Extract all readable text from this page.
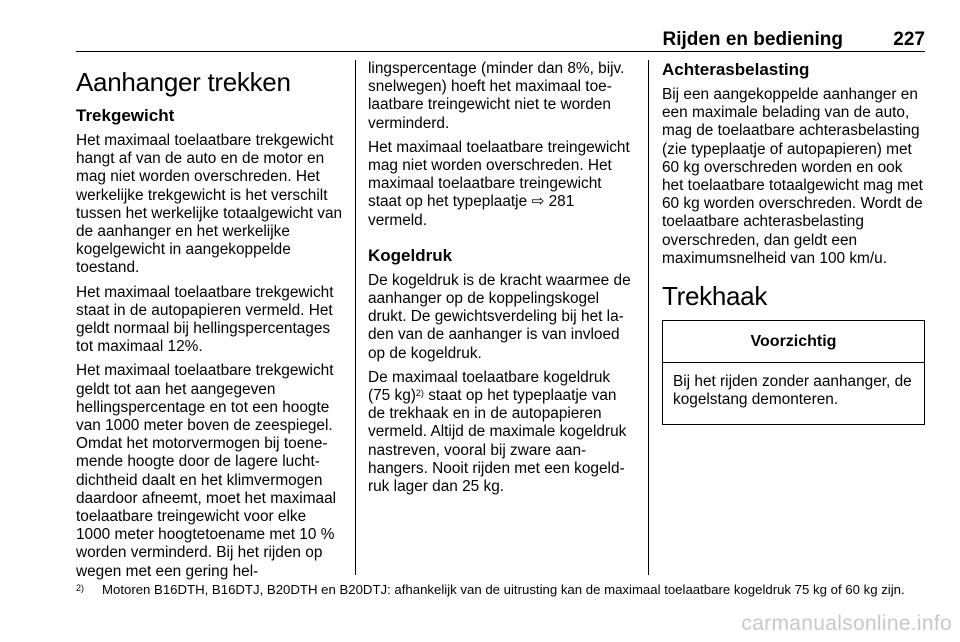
Rijden en bediening	227
Aanhanger trekken
Trekgewicht

Het maximaal toelaatbare trekgewicht hangt af van de auto en de motor en mag niet worden overschreden. Het werkelijke trekgewicht is het verschilt tussen het werkelijke totaalgewicht van de aanhanger en het werkelijke kogelgewicht in aangekoppelde toestand.

Het maximaal toelaatbare trekgewicht staat in de autopapieren vermeld. Het geldt normaal bij hellingspercentages tot maximaal 12%.

Het maximaal toelaatbare trekgewicht geldt tot aan het aangegeven hellingspercentage en tot een hoogte van 1000 meter boven de zeespiegel. Omdat het motorvermogen bij toenemende hoogte door de lagere luchtdichtheid daalt en het klimvermogen daardoor afneemt, moet het maximaal toelaatbare treingewicht voor elke 1000 meter hoogtetoename met 10 % worden verminderd. Bij het rijden op wegen met een gering hel-

lingspercentage (minder dan 8%, bijv. snelwegen) hoeft het maximaal toelaatbare treingewicht niet te worden verminderd.

Het maximaal toelaatbare treingewicht mag niet worden overschreden. Het maximaal toelaatbare treingewicht staat op het typeplaatje ⇨ 281 vermeld.

Kogeldruk

De kogeldruk is de kracht waarmee de aanhanger op de koppelingskogel drukt. De gewichtsverdeling bij het laden van de aanhanger is van invloed op de kogeldruk.

De maximaal toelaatbare kogeldruk (75 kg)$^{2)}$ staat op het typeplaatje van de trekhaak en in de autopapieren vermeld. Altijd de maximale kogeldruk nastreven, vooral bij zware aanhangers. Nooit rijden met een kogeldruk lager dan 25 kg.

Achterasbelasting

Bij een aangekoppelde aanhanger en een maximale belading van de auto, mag de toelaatbare achterasbelasting (zie typeplaatje of autopapieren) met 60 kg overschreden worden en ook het toelaatbare totaalgewicht mag met 60 kg worden overschreden. Wordt de toelaatbare achterasbelasting overschreden, dan geldt een maximumsnelheid van 100 km/u.

Trekhaak
Voorzichtig
Bij het rijden zonder aanhanger, de kogelstang demonteren.
2) Motoren B16DTH, B16DTJ, B20DTH en B20DTJ: afhankelijk van de uitrusting kan de maximaal toelaatbare kogeldruk 75 kg of 60 kg zijn.
carmanualsonline.info
